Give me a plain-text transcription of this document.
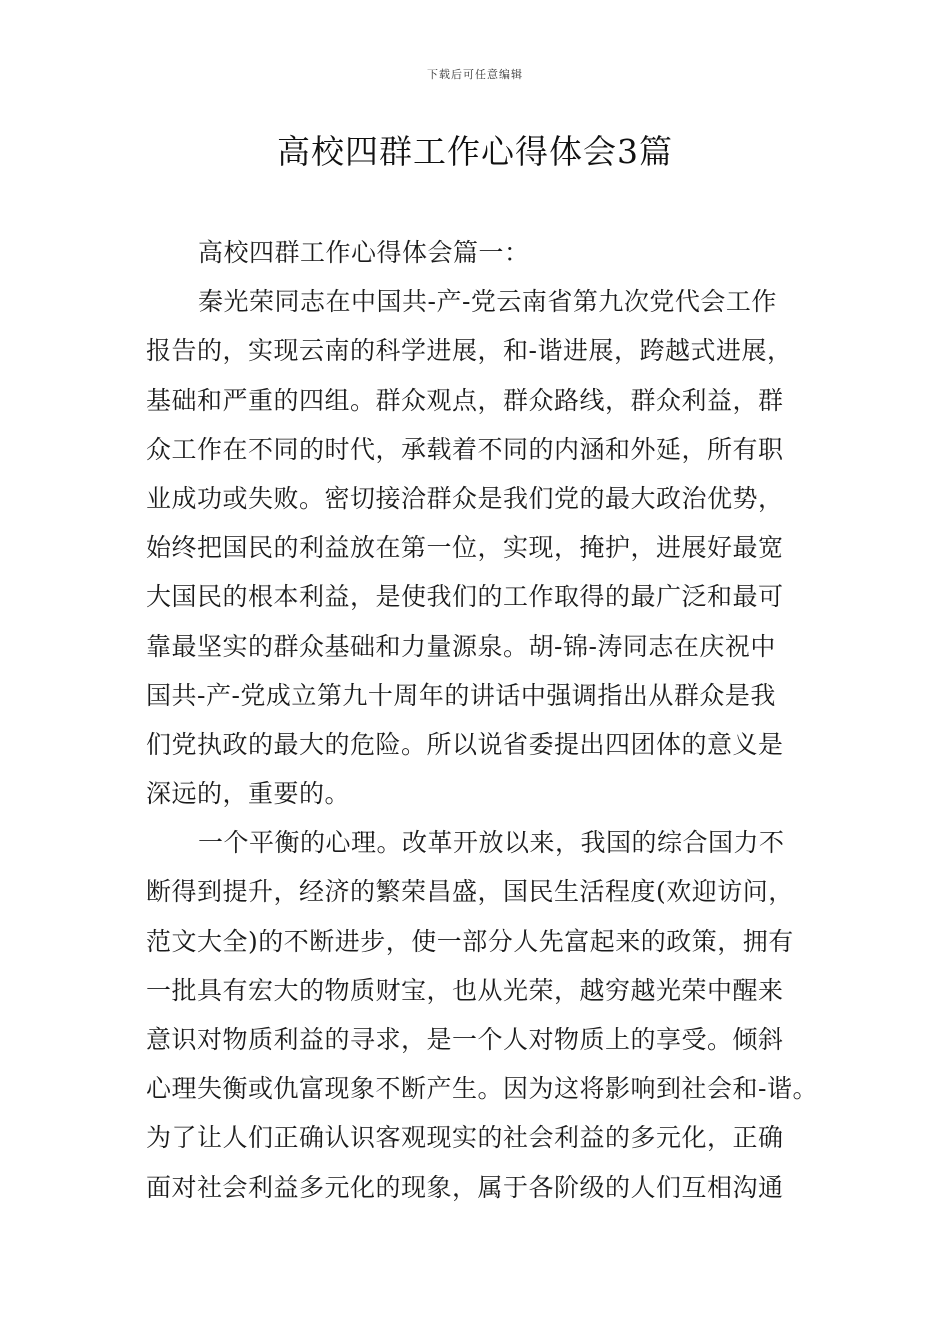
下载后可任意编辑
高校四群工作心得体会3篇
高校四群工作心得体会篇一：
秦光荣同志在中国共-产-党云南省第九次党代会工作
报告的，实现云南的科学进展，和-谐进展，跨越式进展，
基础和严重的四组。群众观点，群众路线，群众利益，群
众工作在不同的时代，承载着不同的内涵和外延，所有职
业成功或失败。密切接洽群众是我们党的最大政治优势，
始终把国民的利益放在第一位，实现，掩护，进展好最宽
大国民的根本利益，是使我们的工作取得的最广泛和最可
靠最坚实的群众基础和力量源泉。胡-锦-涛同志在庆祝中
国共-产-党成立第九十周年的讲话中强调指出从群众是我
们党执政的最大的危险。所以说省委提出四团体的意义是
深远的，重要的。
一个平衡的心理。改革开放以来，我国的综合国力不
断得到提升，经济的繁荣昌盛，国民生活程度(欢迎访问，
范文大全)的不断进步，使一部分人先富起来的政策，拥有
一批具有宏大的物质财宝，也从光荣，越穷越光荣中醒来
意识对物质利益的寻求，是一个人对物质上的享受。倾斜
心理失衡或仇富现象不断产生。因为这将影响到社会和-谐。
为了让人们正确认识客观现实的社会利益的多元化，正确
面对社会利益多元化的现象，属于各阶级的人们互相沟通
